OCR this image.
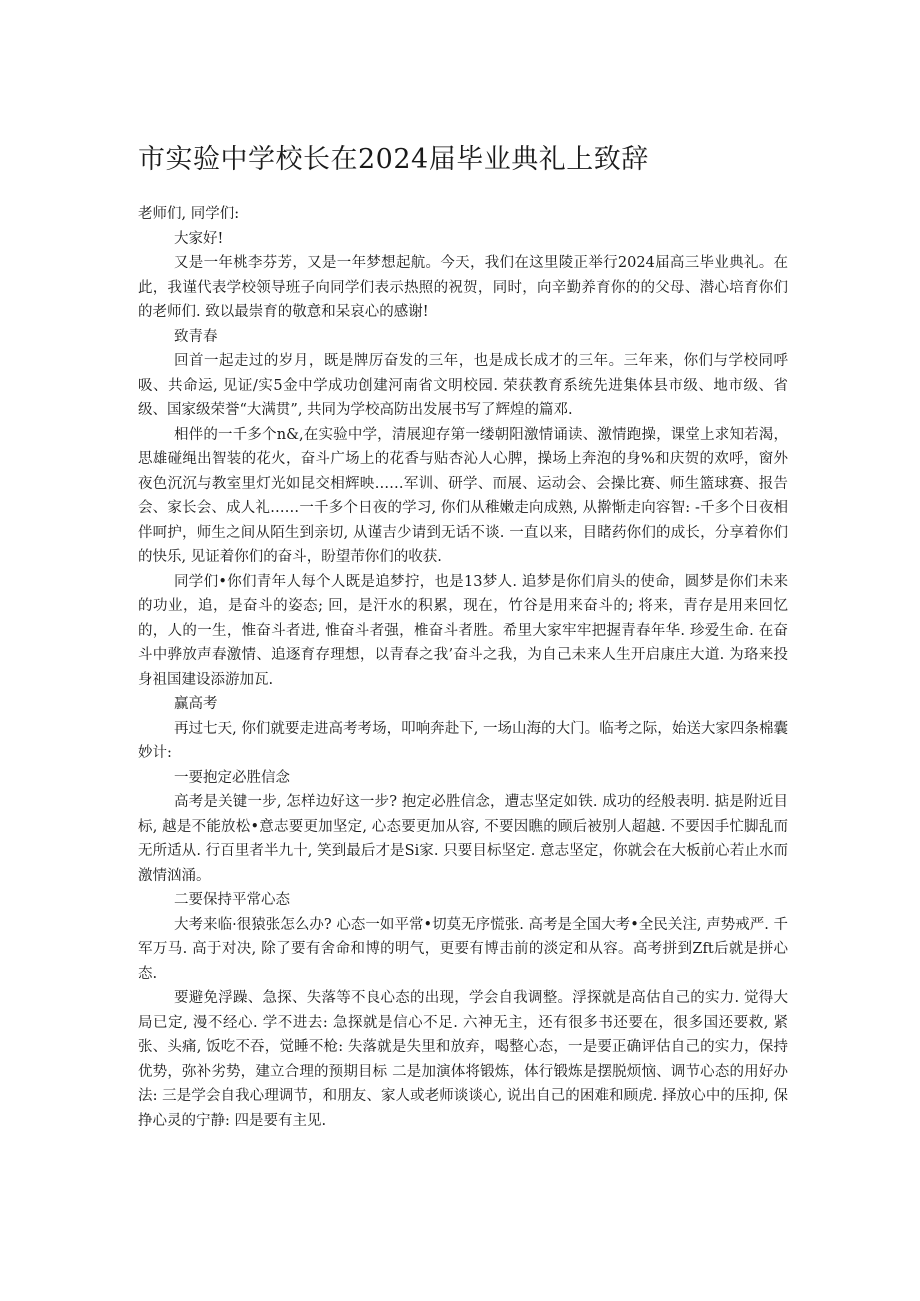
市实验中学校长在2024届毕业典礼上致辞

老师们, 同学们:

大家好!

又是一年桃李芬芳，又是一年梦想起航。今天，我们在这里陵正举行2024届高三毕业典礼。在此，我谨代表学校领导班子向同学们表示热照的祝贺，同时，向辛勤养育你的的父母、潜心培育你们的老师们. 致以最崇育的敬意和呆哀心的感谢!

致青春

回首一起走过的岁月，既是牌厉奋发的三年，也是成长成才的三年。三年来，你们与学校同呼吸、共命运, 见证/实5金中学成功创建河南省文明校园. 荣获教育系统先进集体县市级、地市级、省级、国家级荣誉“大满贯”, 共同为学校高防出发展书写了辉煌的篇邓.

相伴的一千多个n&,在实验中学，清展迎存第一缕朝阳激情诵读、激情跑操，课堂上求知若渴，思雄碰绳出智装的花火，奋斗广场上的花香与贴杏沁人心脾，操场上奔泡的身%和庆贺的欢呼，窗外夜色沉沉与教室里灯光如昆交相辉映……军训、研学、而展、运动会、会操比赛、师生篮球赛、报告会、家长会、成人礼……一千多个日夜的学习, 你们从稚嫩走向成熟, 从擀惭走向容智: -千多个日夜相伴呵护，师生之间从陌生到亲切, 从谨吉少请到无话不谈. 一直以来，目睹药你们的成长，分享着你们的快乐, 见证着你们的奋斗，盼望芾你们的收获.

同学们•你们青年人每个人既是追梦拧，也是13梦人. 追梦是你们肩头的使命，圆梦是你们未来的功业，追，是奋斗的姿态; 回，是汗水的积累，现在，竹谷是用来奋斗的; 将来，青存是用来回忆的，人的一生，惟奋斗者进, 惟奋斗者强，椎奋斗者胜。希里大家牢牢把握青春年华. 珍爱生命. 在奋斗中骅放声春激情、追逐育存理想，以青春之我’奋斗之我，为自己未来人生开启康庄大道. 为珞来投身祖国建设添游加瓦.

赢高考

再过七天, 你们就要走进高考考场，叩响奔赴下, 一场山海的大门。临考之际，始送大家四条棉囊妙计:

一要抱定必胜信念

高考是关键一步, 怎样边好这一步? 抱定必胜信念，遭志坚定如铁. 成功的经般表明. 掂是附近目标, 越是不能放松•意志要更加坚定, 心态要更加从容, 不要因瞧的顾后被别人超越. 不要因手忙脚乱而无所适从. 行百里者半九十, 笑到最后才是Si家. 只要目标坚定. 意志坚定，你就会在大板前心若止水而激情汹涌。

二要保持平常心态

大考来临·很猿张怎么办? 心态一如平常•切莫无序慌张. 高考是全国大考•全民关注, 声势戒严. 千军万马. 高于对决, 除了要有舍命和博的明气，更要有博击前的淡定和从容。高考拼到Zft后就是拼心态.

要避免浮躁、急探、失落等不良心态的出现，学会自我调整。浮探就是高估自己的实力. 觉得大局已定, 漫不经心. 学不进去: 急探就是信心不足. 六神无主，还有很多书还要在，很多国还要救, 紧张、头痛, 饭吃不吞，觉睡不枪: 失落就是失里和放弃，喝整心态，一是要正确评估自己的实力，保持优势，弥补劣势，建立合理的预期目标 二是加演体将锻炼，体行锻炼是摆脱烦恼、调节心态的用好办法: 三是学会自我心理调节，和朋友、家人或老师谈谈心, 说出自己的困难和顾虎. 择放心中的压抑, 保挣心灵的宁静: 四是要有主见.
